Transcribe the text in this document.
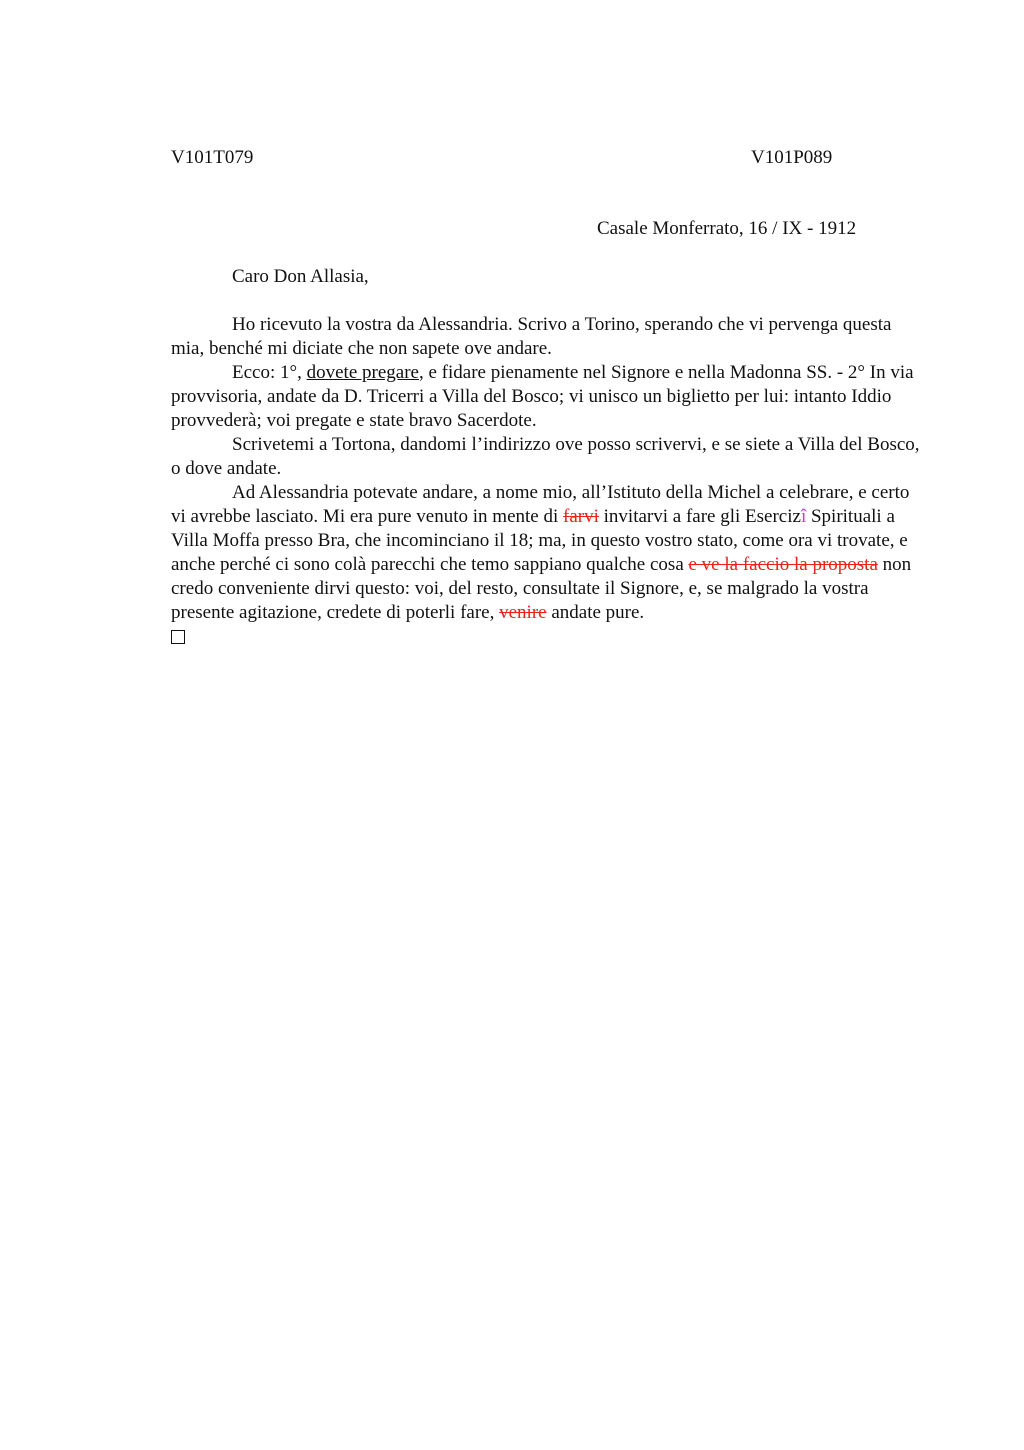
V101T079	V101P089
Casale Monferrato, 16 / IX - 1912
Caro Don Allasia,

Ho ricevuto la vostra da Alessandria. Scrivo a Torino, sperando che vi pervenga questa mia, benché mi diciate che non sapete ove andare.

Ecco: 1°, dovete pregare, e fidare pienamente nel Signore e nella Madonna SS. - 2° In via provvisoria, andate da D. Tricerri a Villa del Bosco; vi unisco un biglietto per lui: intanto Iddio provvederà; voi pregate e state bravo Sacerdote.

Scrivetemi a Tortona, dandomi l’indirizzo ove posso scrivervi, e se siete a Villa del Bosco, o dove andate.

Ad Alessandria potevate andare, a nome mio, all’Istituto della Michel a celebrare, e certo vi avrebbe lasciato. Mi era pure venuto in mente di farvi invitarvi a fare gli Esercizî Spirituali a Villa Moffa presso Bra, che incominciano il 18; ma, in questo vostro stato, come ora vi trovate, e anche perché ci sono colà parecchi che temo sappiano qualche cosa e ve la faccio la proposta non credo conveniente dirvi questo: voi, del resto, consultate il Signore, e, se malgrado la vostra presente agitazione, credete di poterli fare, venire andate pure.
